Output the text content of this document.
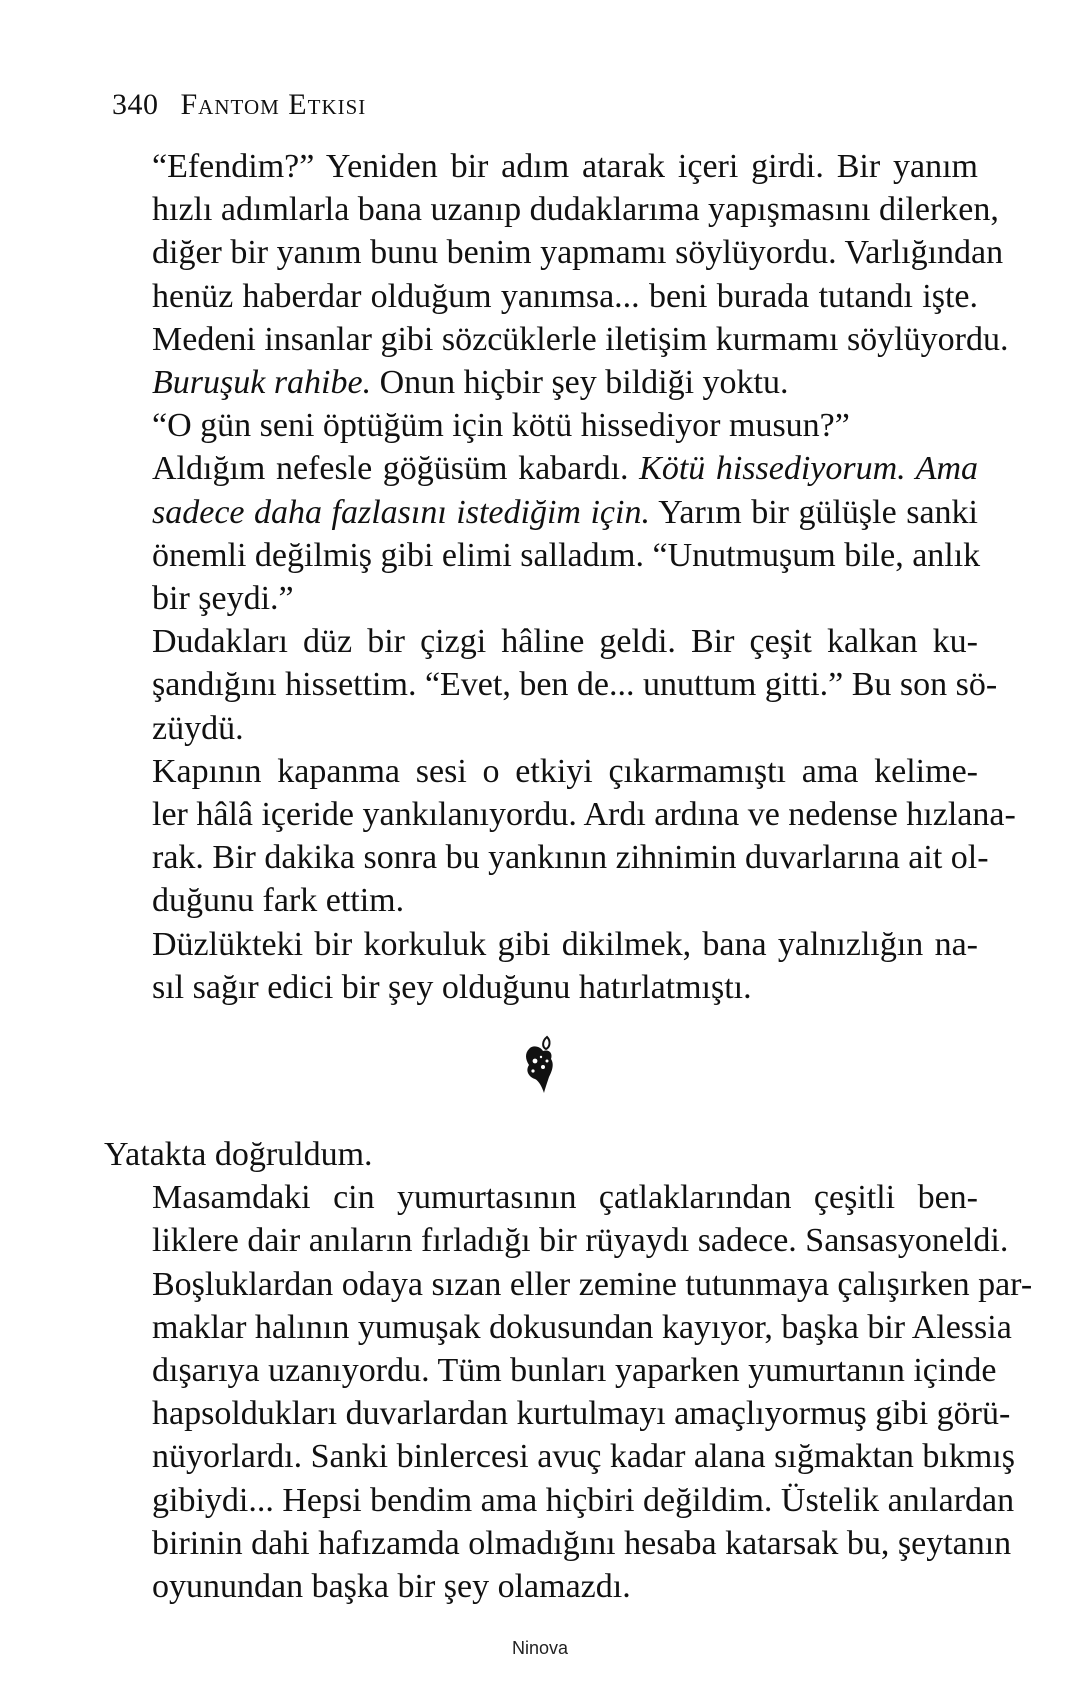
340 Fantom Etkisi

“Efendim?” Yeniden bir adım atarak içeri girdi. Bir yanım
hızlı adımlarla bana uzanıp dudaklarıma yapışmasını dilerken,
diğer bir yanım bunu benim yapmamı söylüyordu. Varlığından
henüz haberdar olduğum yanımsa... beni burada tutandı işte.
Medeni insanlar gibi sözcüklerle iletişim kurmamı söylüyordu.
Buruşuk rahibe. Onun hiçbir şey bildiği yoktu.

“O gün seni öptüğüm için kötü hissediyor musun?”

Aldığım nefesle göğüsüm kabardı. Kötü hissediyorum. Ama
sadece daha fazlasını istediğim için. Yarım bir gülüşle sanki
önemli değilmiş gibi elimi salladım. “Unutmuşum bile, anlık
bir şeydi.”

Dudakları düz bir çizgi hâline geldi. Bir çeşit kalkan ku-
şandığını hissettim. “Evet, ben de... unuttum gitti.” Bu son sö-
züydü.

Kapının kapanma sesi o etkiyi çıkarmamıştı ama kelime-
ler hâlâ içeride yankılanıyordu. Ardı ardına ve nedense hızlana-
rak. Bir dakika sonra bu yankının zihnimin duvarlarına ait ol-
duğunu fark ettim.

Düzlükteki bir korkuluk gibi dikilmek, bana yalnızlığın na-
sıl sağır edici bir şey olduğunu hatırlatmıştı.

Yatakta doğruldum.

Masamdaki cin yumurtasının çatlaklarından çeşitli ben-
liklere dair anıların fırladığı bir rüyaydı sadece. Sansasyoneldi.
Boşluklardan odaya sızan eller zemine tutunmaya çalışırken par-
maklar halının yumuşak dokusundan kayıyor, başka bir Alessia
dışarıya uzanıyordu. Tüm bunları yaparken yumurtanın içinde
hapsoldukları duvarlardan kurtulmayı amaçlıyormuş gibi görü-
nüyorlardı. Sanki binlercesi avuç kadar alana sığmaktan bıkmış
gibiydi... Hepsi bendim ama hiçbiri değildim. Üstelik anılardan
birinin dahi hafızamda olmadığını hesaba katarsak bu, şeytanın
oyunundan başka bir şey olamazdı.

Ninova
